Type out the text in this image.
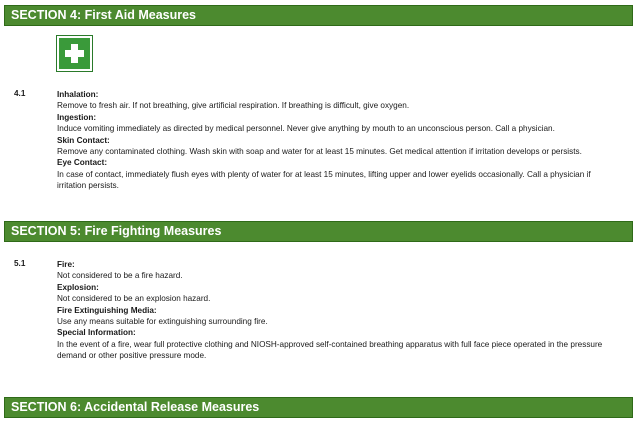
SECTION 4: First Aid Measures
4.1	Inhalation:
Remove to fresh air. If not breathing, give artificial respiration. If breathing is difficult, give oxygen.
Ingestion:
Induce vomiting immediately as directed by medical personnel. Never give anything by mouth to an unconscious person. Call a physician.
Skin Contact:
Remove any contaminated clothing. Wash skin with soap and water for at least 15 minutes. Get medical attention if irritation develops or persists.
Eye Contact:
In case of contact, immediately flush eyes with plenty of water for at least 15 minutes, lifting upper and lower eyelids occasionally. Call a physician if irritation persists.
SECTION 5: Fire Fighting Measures
5.1	Fire:
Not considered to be a fire hazard.
Explosion:
Not considered to be an explosion hazard.
Fire Extinguishing Media:
Use any means suitable for extinguishing surrounding fire.
Special Information:
In the event of a fire, wear full protective clothing and NIOSH-approved self-contained breathing apparatus with full face piece operated in the pressure demand or other positive pressure mode.
SECTION 6: Accidental Release Measures
